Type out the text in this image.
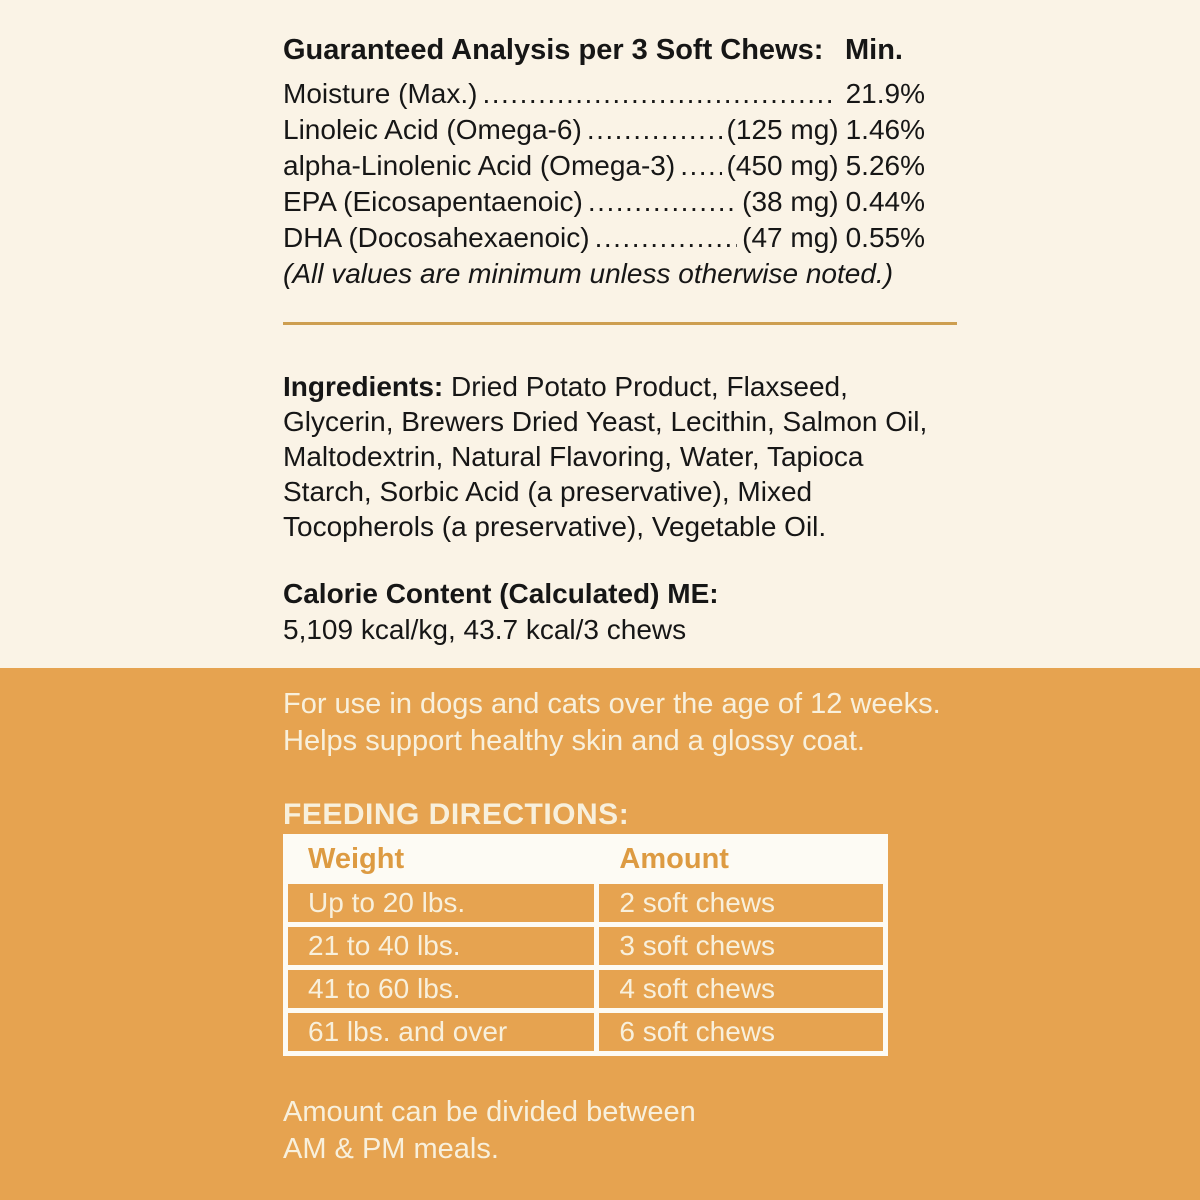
Guaranteed Analysis per 3 Soft Chews: Min.
Moisture (Max.) .....	21.9%
Linoleic Acid (Omega-6) .....	(125 mg) 1.46%
alpha-Linolenic Acid (Omega-3) ..... (450 mg) 5.26%
EPA (Eicosapentaenoic) .....	(38 mg) 0.44%
DHA (Docosahexaenoic) .....	(47 mg) 0.55%
(All values are minimum unless otherwise noted.)
Ingredients: Dried Potato Product, Flaxseed,
Glycerin, Brewers Dried Yeast, Lecithin, Salmon Oil,
Maltodextrin, Natural Flavoring, Water, Tapioca
Starch, Sorbic Acid (a preservative), Mixed
Tocopherols (a preservative), Vegetable Oil.
Calorie Content (Calculated) ME:
5,109 kcal/kg, 43.7 kcal/3 chews
For use in dogs and cats over the age of 12 weeks.
Helps support healthy skin and a glossy coat.
FEEDING DIRECTIONS:
Weight	Amount
Up to 20 lbs.	2 soft chews
21 to 40 lbs.	3 soft chews
41 to 60 lbs.	4 soft chews
61 lbs. and over	6 soft chews
Amount can be divided between
AM & PM meals.
